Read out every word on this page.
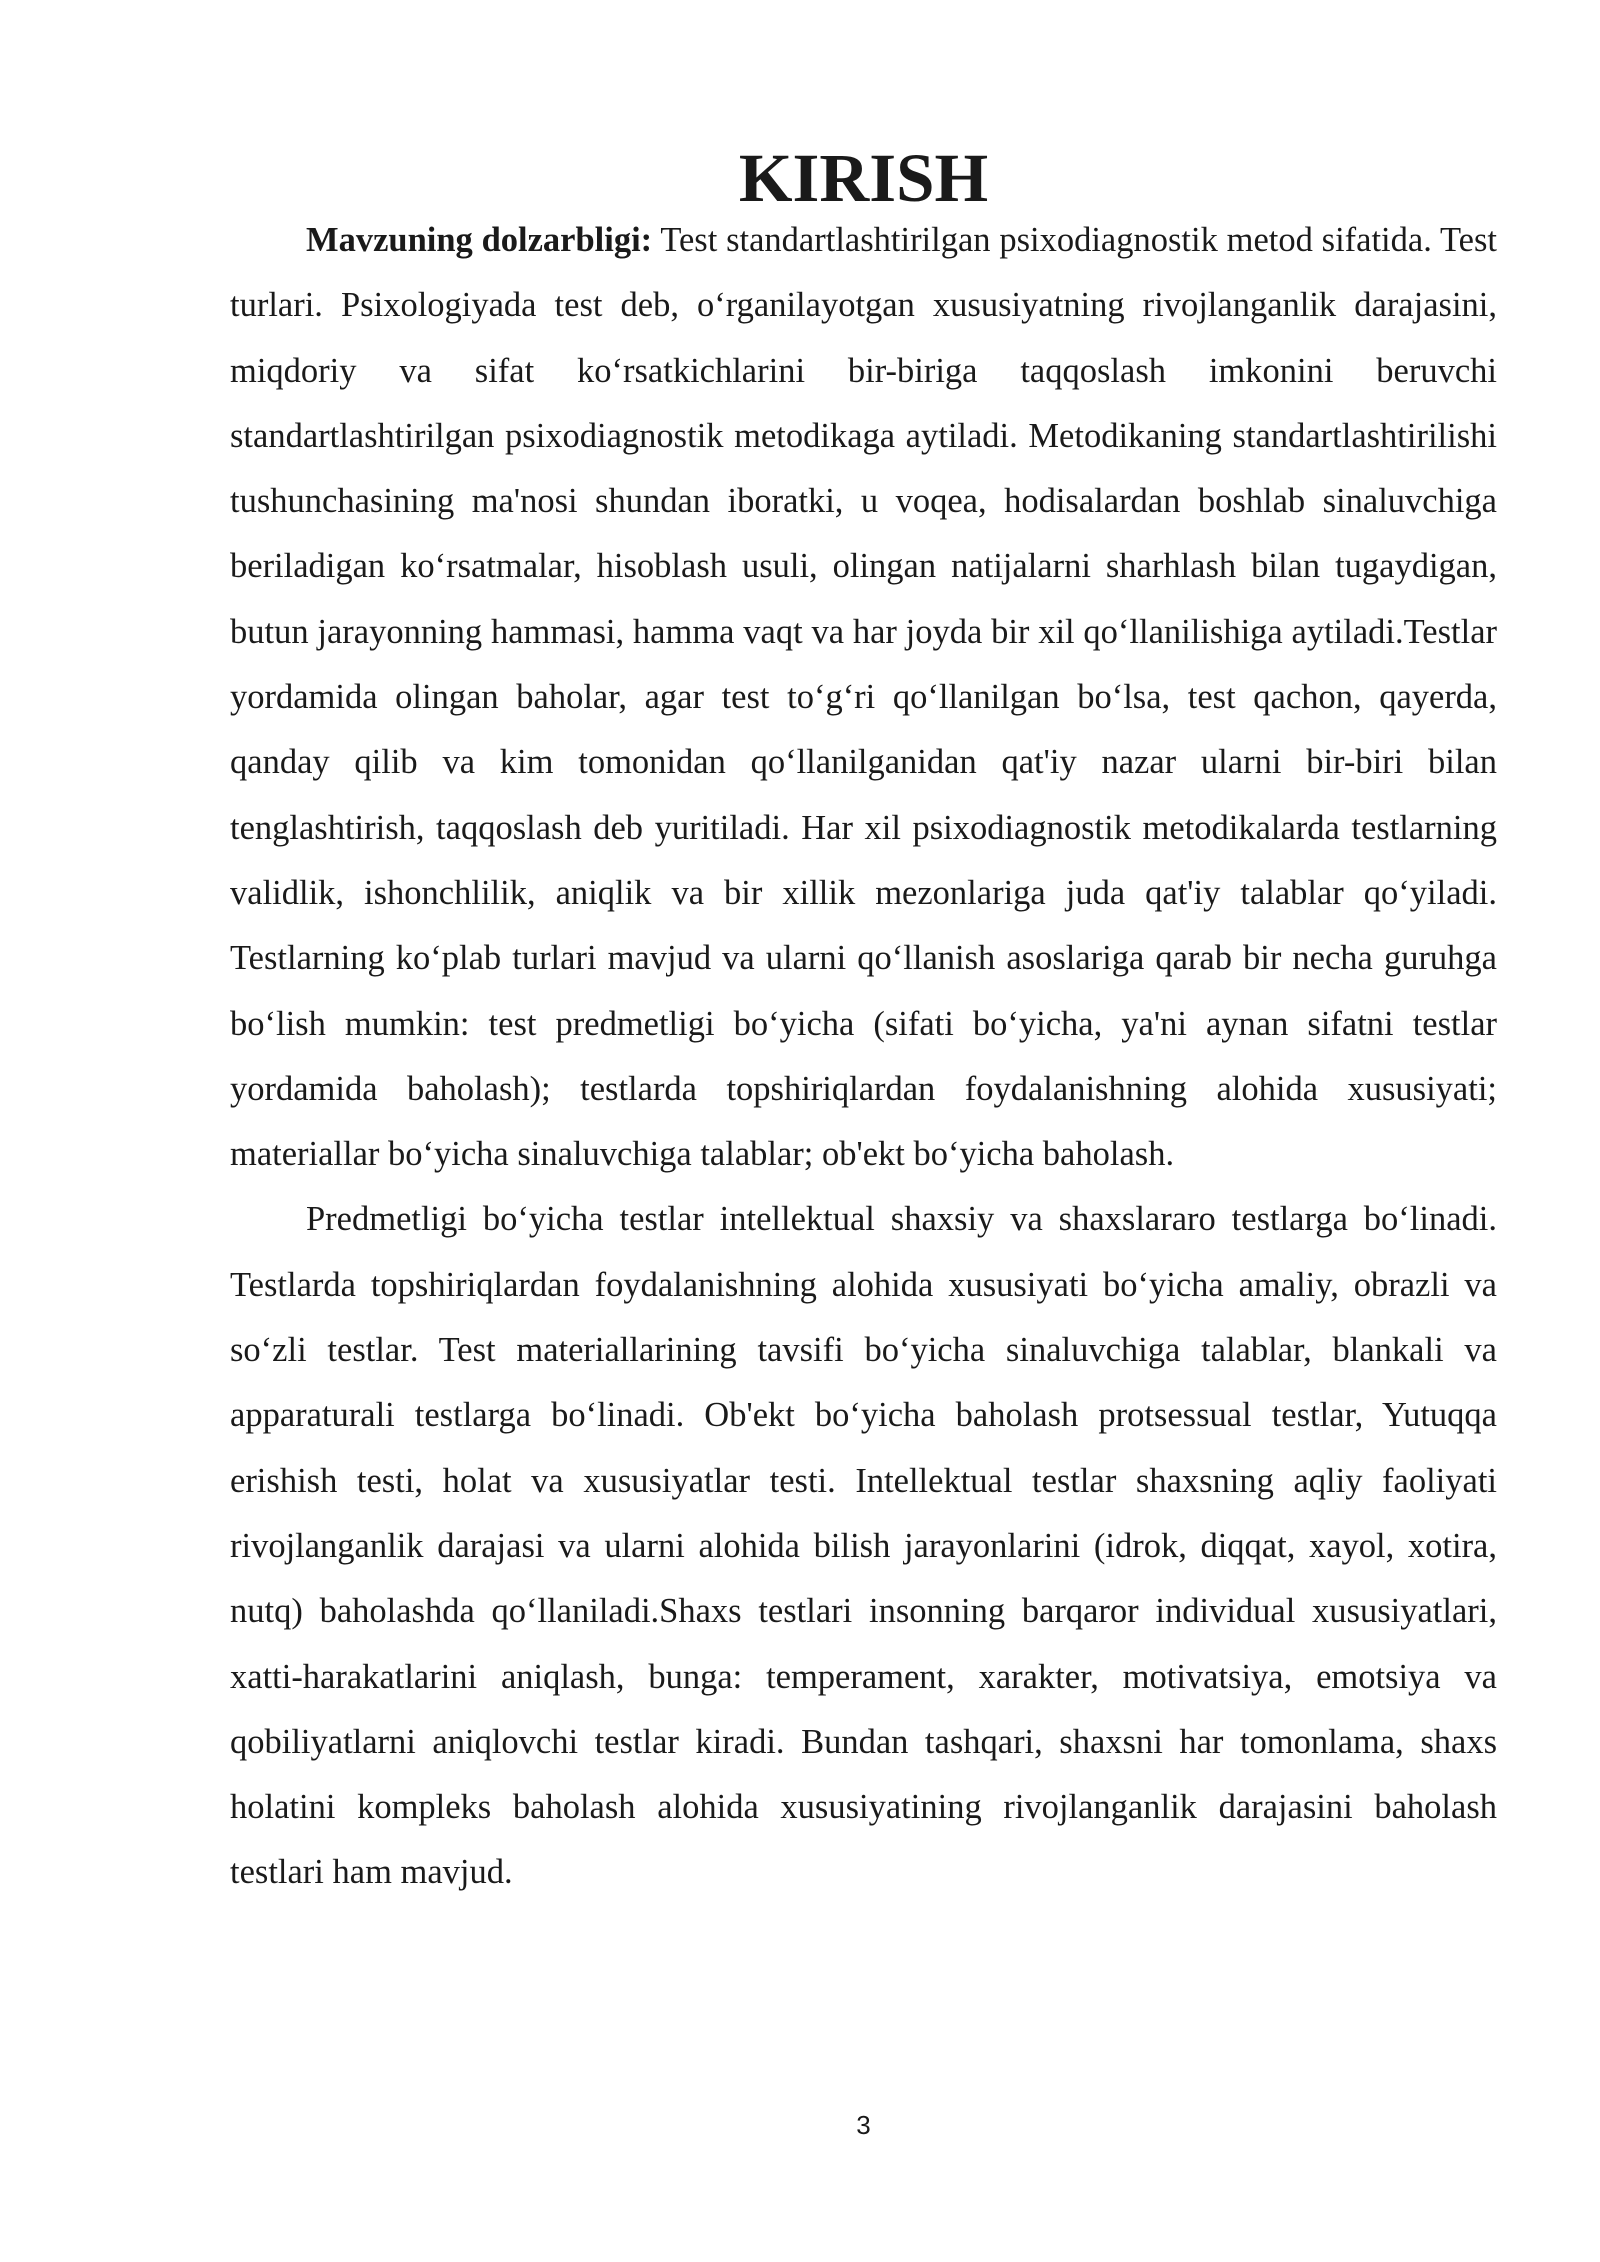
KIRISH

Mavzuning dolzarbligi: Test standartlashtirilgan psixodiagnostik metod sifatida. Test turlari. Psixologiyada test deb, o‘rganilayotgan xususiyatning rivojlanganlik darajasini, miqdoriy va sifat ko‘rsatkichlarini bir-biriga taqqoslash imkonini beruvchi standartlashtirilgan psixodiagnostik metodikaga aytiladi. Metodikaning standartlashtirilishi tushunchasining ma'nosi shundan iboratki, u voqea, hodisalardan boshlab sinaluvchiga beriladigan ko‘rsatmalar, hisoblash usuli, olingan natijalarni sharhlash bilan tugaydigan, butun jarayonning hammasi, hamma vaqt va har joyda bir xil qo‘llanilishiga aytiladi.Testlar yordamida olingan baholar, agar test to‘g‘ri qo‘llanilgan bo‘lsa, test qachon, qayerda, qanday qilib va kim tomonidan qo‘llanilganidan qat'iy nazar ularni bir-biri bilan tenglashtirish, taqqoslash deb yuritiladi. Har xil psixodiagnostik metodikalarda testlarning validlik, ishonchlilik, aniqlik va bir xillik mezonlariga juda qat'iy talablar qo‘yiladi. Testlarning ko‘plab turlari mavjud va ularni qo‘llanish asoslariga qarab bir necha guruhga bo‘lish mumkin: test predmetligi bo‘yicha (sifati bo‘yicha, ya'ni aynan sifatni testlar yordamida baholash); testlarda topshiriqlardan foydalanishning alohida xususiyati; materiallar bo‘yicha sinaluvchiga talablar; ob'ekt bo‘yicha baholash.

Predmetligi bo‘yicha testlar intellektual shaxsiy va shaxslararo testlarga bo‘linadi. Testlarda topshiriqlardan foydalanishning alohida xususiyati bo‘yicha amaliy, obrazli va so‘zli testlar. Test materiallarining tavsifi bo‘yicha sinaluvchiga talablar, blankali va apparaturali testlarga bo‘linadi. Ob'ekt bo‘yicha baholash protsessual testlar, Yutuqqa erishish testi, holat va xususiyatlar testi. Intellektual testlar shaxsning aqliy faoliyati rivojlanganlik darajasi va ularni alohida bilish jarayonlarini (idrok, diqqat, xayol, xotira, nutq) baholashda qo‘llaniladi.Shaxs testlari insonning barqaror individual xususiyatlari, xatti-harakatlarini aniqlash, bunga: temperament, xarakter, motivatsiya, emotsiya va qobiliyatlarni aniqlovchi testlar kiradi. Bundan tashqari, shaxsni har tomonlama, shaxs holatini kompleks baholash alohida xususiyatining rivojlanganlik darajasini baholash testlari ham mavjud.

3
